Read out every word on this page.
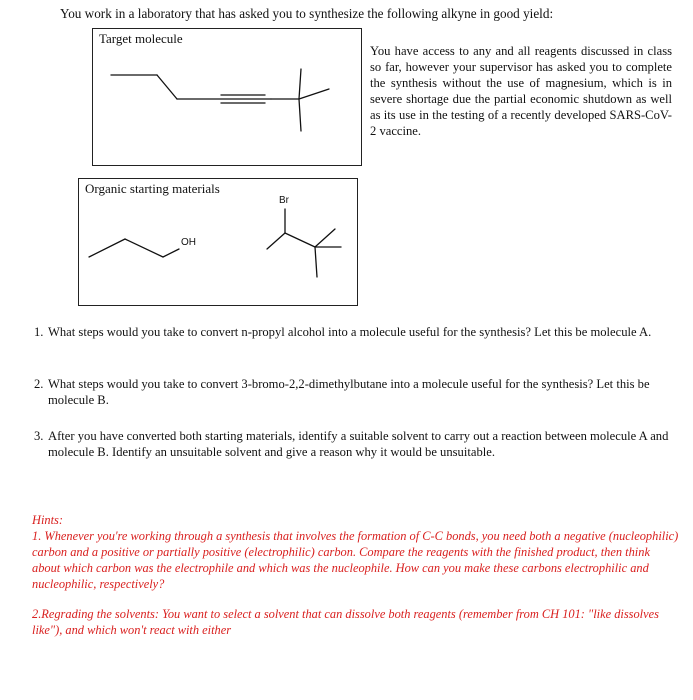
You work in a laboratory that has asked you to synthesize the following alkyne in good yield:
Target molecule
You have access to any and all reagents discussed in class so far, however your supervisor has asked you to complete the synthesis without the use of magnesium, which is in severe shortage due the partial economic shutdown as well as its use in the testing of a recently developed SARS-CoV-2 vaccine.
Organic starting materials
OH
Br
1. What steps would you take to convert n-propyl alcohol into a molecule useful for the synthesis? Let this be molecule A.
2. What steps would you take to convert 3-bromo-2,2-dimethylbutane into a molecule useful for the synthesis? Let this be molecule B.
3. After you have converted both starting materials, identify a suitable solvent to carry out a reaction between molecule A and molecule B. Identify an unsuitable solvent and give a reason why it would be unsuitable.

Hints:

1. Whenever you're working through a synthesis that involves the formation of C-C bonds, you need both a negative (nucleophilic) carbon and a positive or partially positive (electrophilic) carbon. Compare the reagents with the finished product, then think about which carbon was the electrophile and which was the nucleophile. How can you make these carbons electrophilic and nucleophilic, respectively?

2.Regrading the solvents: You want to select a solvent that can dissolve both reagents (remember from CH 101: "like dissolves like"), and which won't react with either
